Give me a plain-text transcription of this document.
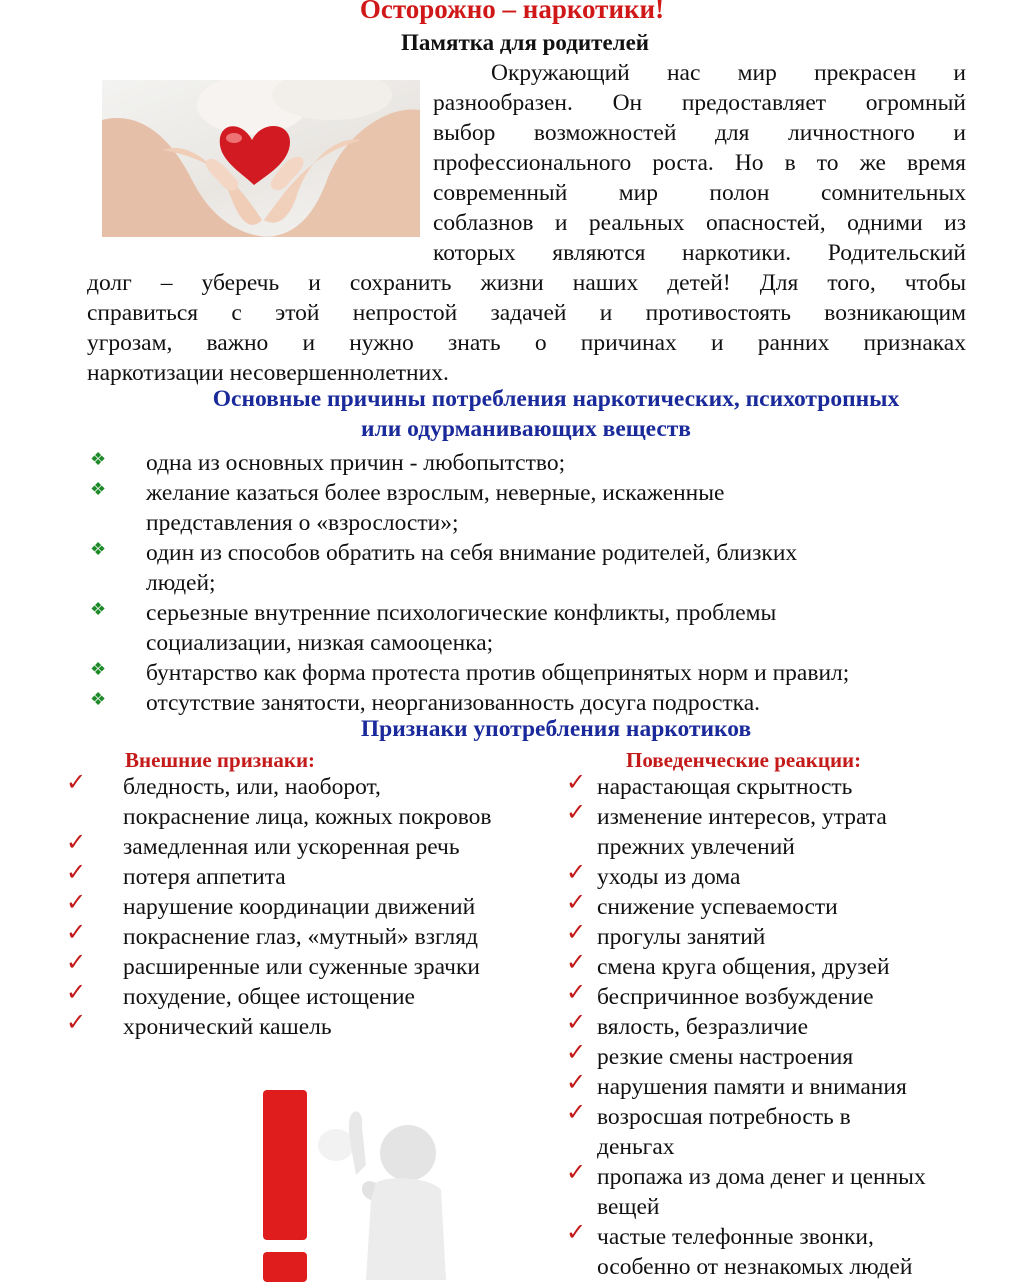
Осторожно – наркотики!
Памятка для родителей
Окружающий нас мир прекрасен и
разнообразен. Он предоставляет огромный
выбор возможностей для личностного и
профессионального роста. Но в то же время
современный мир полон сомнительных
соблазнов и реальных опасностей, одними из
которых являются наркотики. Родительский
долг – уберечь и сохранить жизни наших детей! Для того, чтобы
справиться с этой непростой задачей и противостоять возникающим
угрозам, важно и нужно знать о причинах и ранних признаках
наркотизации несовершеннолетних.
Основные причины потребления наркотических, психотропных
или одурманивающих веществ
❖ одна из основных причин - любопытство;
❖ желание казаться более взрослым, неверные, искаженные
представления о «взрослости»;
❖ один из способов обратить на себя внимание родителей, близких
людей;
❖ серьезные внутренние психологические конфликты, проблемы
социализации, низкая самооценка;
❖ бунтарство как форма протеста против общепринятых норм и правил;
❖ отсутствие занятости, неорганизованность досуга подростка.
Признаки употребления наркотиков
Внешние признаки:	Поведенческие реакции:
✓ бледность, или, наоборот,
покраснение лица, кожных покровов
✓ замедленная или ускоренная речь
✓ потеря аппетита
✓ нарушение координации движений
✓ покраснение глаз, «мутный» взгляд
✓ расширенные или суженные зрачки
✓ похудение, общее истощение
✓ хронический кашель
✓ нарастающая скрытность
✓ изменение интересов, утрата
прежних увлечений
✓ уходы из дома
✓ снижение успеваемости
✓ прогулы занятий
✓ смена круга общения, друзей
✓ беспричинное возбуждение
✓ вялость, безразличие
✓ резкие смены настроения
✓ нарушения памяти и внимания
✓ возросшая потребность в
деньгах
✓ пропажа из дома денег и ценных
вещей
✓ частые телефонные звонки,
особенно от незнакомых людей
